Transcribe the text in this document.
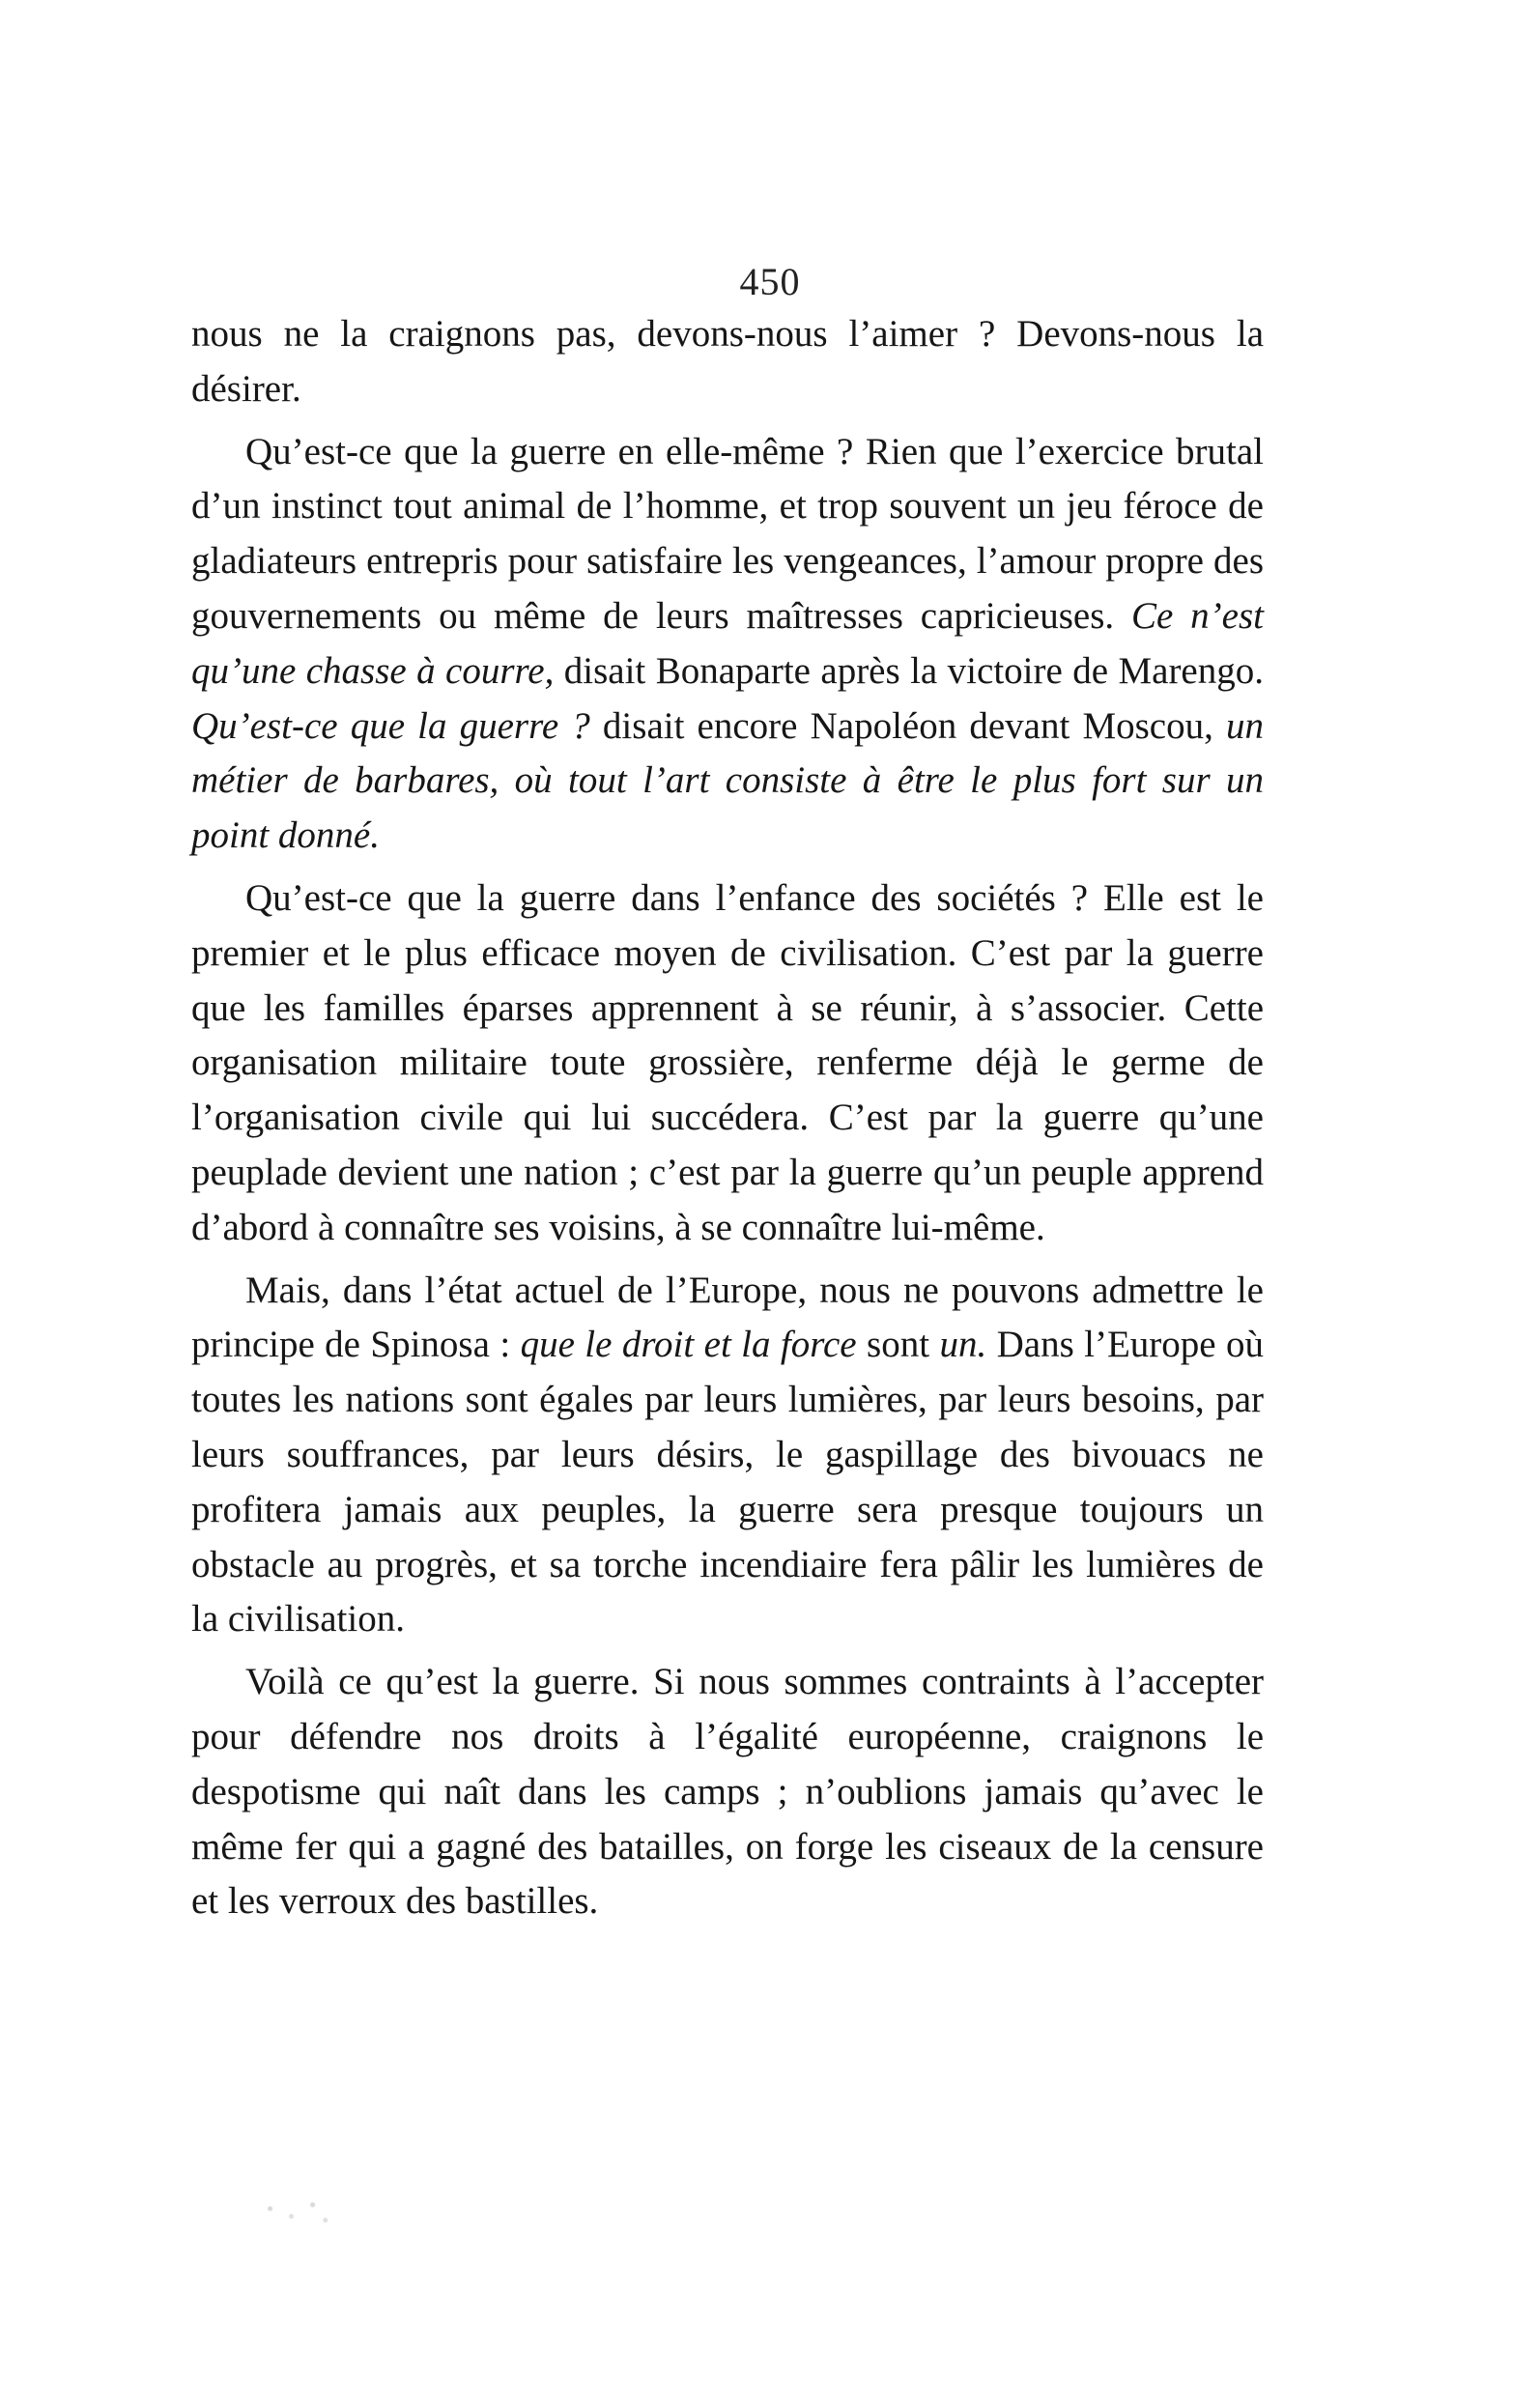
450

nous ne la craignons pas, devons-nous l’aimer ? Devons-nous la désirer.

Qu’est-ce que la guerre en elle-même ? Rien que l’exercice brutal d’un instinct tout animal de l’homme, et trop souvent un jeu féroce de gladiateurs entrepris pour satisfaire les vengeances, l’amour propre des gouvernements ou même de leurs maîtresses capricieuses. Ce n’est qu’une chasse à courre, disait Bonaparte après la victoire de Marengo. Qu’est-ce que la guerre ? disait encore Napoléon devant Moscou, un métier de barbares, où tout l’art consiste à être le plus fort sur un point donné.

Qu’est-ce que la guerre dans l’enfance des sociétés ? Elle est le premier et le plus efficace moyen de civilisation. C’est par la guerre que les familles éparses apprennent à se réunir, à s’associer. Cette organisation militaire toute grossière, renferme déjà le germe de l’organisation civile qui lui succédera. C’est par la guerre qu’une peuplade devient une nation ; c’est par la guerre qu’un peuple apprend d’abord à connaître ses voisins, à se connaître lui-même.

Mais, dans l’état actuel de l’Europe, nous ne pouvons admettre le principe de Spinosa : que le droit et la force sont un. Dans l’Europe où toutes les nations sont égales par leurs lumières, par leurs besoins, par leurs souffrances, par leurs désirs, le gaspillage des bivouacs ne profitera jamais aux peuples, la guerre sera presque toujours un obstacle au progrès, et sa torche incendiaire fera pâlir les lumières de la civilisation.

Voilà ce qu’est la guerre. Si nous sommes contraints à l’accepter pour défendre nos droits à l’égalité européenne, craignons le despotisme qui naît dans les camps ; n’oublions jamais qu’avec le même fer qui a gagné des batailles, on forge les ciseaux de la censure et les verroux des bastilles.
